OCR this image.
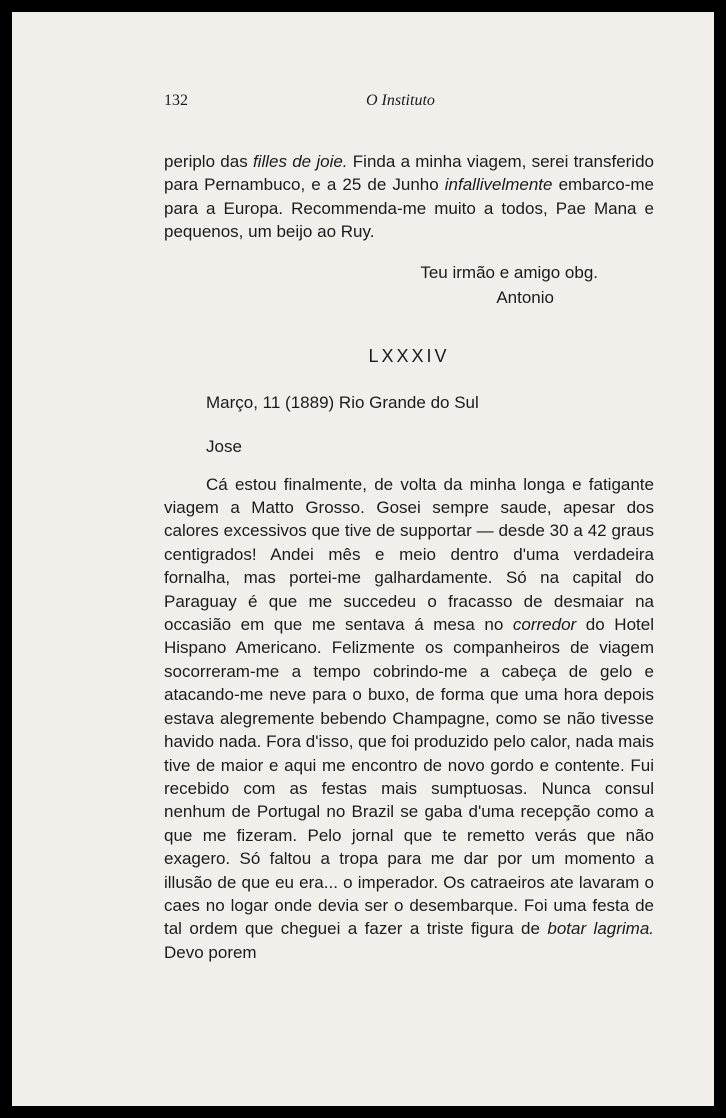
132	O Instituto

periplo das filles de joie. Finda a minha viagem, serei transferido para Pernambuco, e a 25 de Junho infallivelmente embarco-me para a Europa. Recommenda-me muito a todos, Pae Mana e pequenos, um beijo ao Ruy.

Teu irmão e amigo obg.
Antonio
LXXXIV
Março, 11 (1889) Rio Grande do Sul
Jose

Cá estou finalmente, de volta da minha longa e fatigante viagem a Matto Grosso. Gosei sempre saude, apesar dos calores excessivos que tive de supportar — desde 30 a 42 graus centigrados! Andei mês e meio dentro d'uma verdadeira fornalha, mas portei-me galhardamente. Só na capital do Paraguay é que me succedeu o fracasso de desmaiar na occasião em que me sentava á mesa no corredor do Hotel Hispano Americano. Felizmente os companheiros de viagem socorreram-me a tempo cobrindo-me a cabeça de gelo e atacando-me neve para o buxo, de forma que uma hora depois estava alegremente bebendo Champagne, como se não tivesse havido nada. Fora d'isso, que foi produzido pelo calor, nada mais tive de maior e aqui me encontro de novo gordo e contente. Fui recebido com as festas mais sumptuosas. Nunca consul nenhum de Portugal no Brazil se gaba d'uma recepção como a que me fizeram. Pelo jornal que te remetto verás que não exagero. Só faltou a tropa para me dar por um momento a illusão de que eu era... o imperador. Os catraeiros ate lavaram o caes no logar onde devia ser o desembarque. Foi uma festa de tal ordem que cheguei a fazer a triste figura de botar lagrima. Devo porem
